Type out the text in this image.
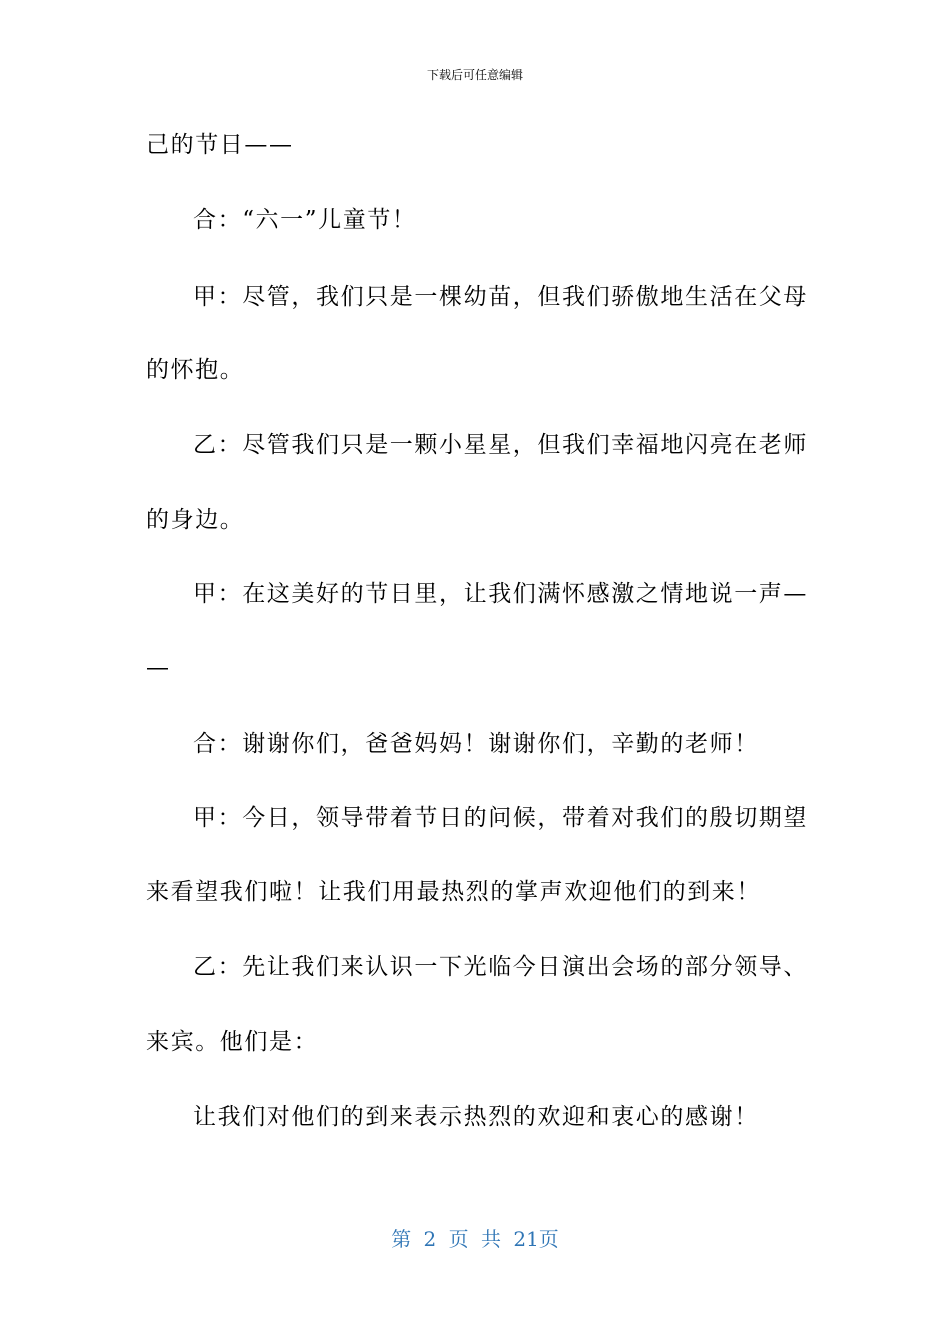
下载后可任意编辑
己的节日——
合：“六一”儿童节！
甲：尽管，我们只是一棵幼苗，但我们骄傲地生活在父母
的怀抱。
乙：尽管我们只是一颗小星星，但我们幸福地闪亮在老师
的身边。
甲：在这美好的节日里，让我们满怀感激之情地说一声—
—
合：谢谢你们，爸爸妈妈！谢谢你们，辛勤的老师！
甲：今日，领导带着节日的问候，带着对我们的殷切期望
来看望我们啦！让我们用最热烈的掌声欢迎他们的到来！
乙：先让我们来认识一下光临今日演出会场的部分领导、
来宾。他们是：
让我们对他们的到来表示热烈的欢迎和衷心的感谢！
第 2 页 共 21页
